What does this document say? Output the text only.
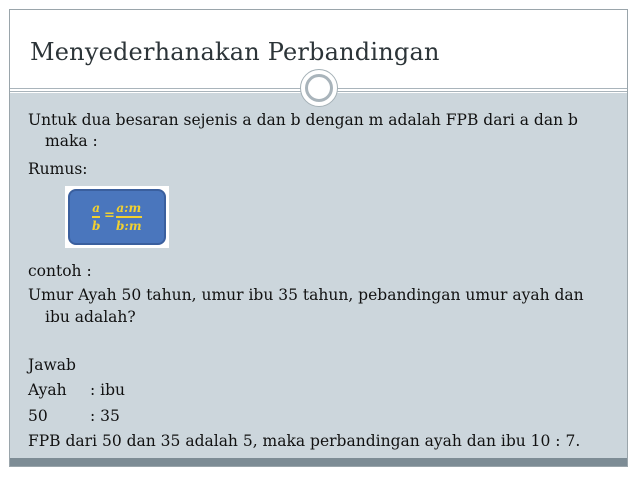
Menyederhanakan Perbandingan
Untuk dua besaran sejenis a dan b dengan m adalah FPB dari a dan b
maka :
Rumus:
a
b
= a:m
b:m
contoh :
Umur Ayah 50 tahun, umur ibu 35 tahun, pebandingan umur ayah dan
ibu adalah?
Jawab
Ayah : ibu
50	: 35
FPB dari 50 dan 35 adalah 5, maka perbandingan ayah dan ibu 10 : 7.
